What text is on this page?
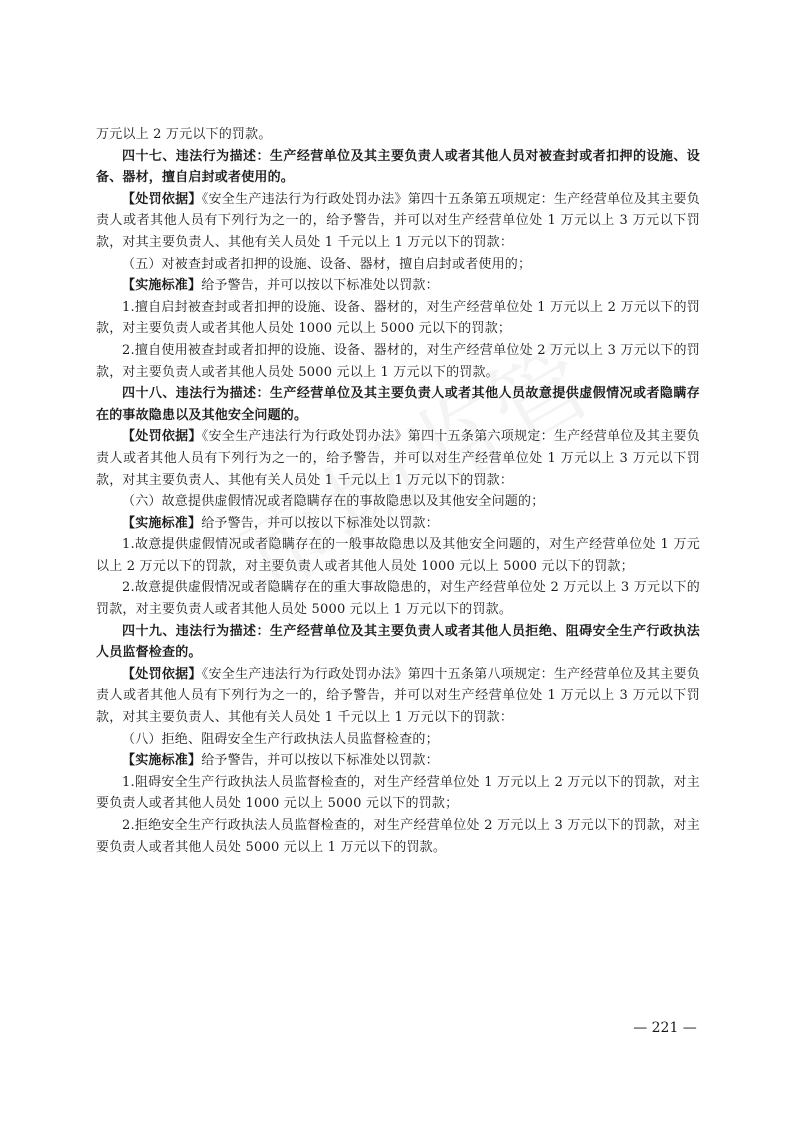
万元以上 2 万元以下的罚款。

四十七、违法行为描述：生产经营单位及其主要负责人或者其他人员对被查封或者扣押的设施、设备、器材，擅自启封或者使用的。

【处罚依据】《安全生产违法行为行政处罚办法》第四十五条第五项规定：生产经营单位及其主要负责人或者其他人员有下列行为之一的，给予警告，并可以对生产经营单位处 1 万元以上 3 万元以下罚款，对其主要负责人、其他有关人员处 1 千元以上 1 万元以下的罚款：

（五）对被查封或者扣押的设施、设备、器材，擅自启封或者使用的；

【实施标准】给予警告，并可以按以下标准处以罚款：

1.擅自启封被查封或者扣押的设施、设备、器材的，对生产经营单位处 1 万元以上 2 万元以下的罚款，对主要负责人或者其他人员处 1000 元以上 5000 元以下的罚款；

2.擅自使用被查封或者扣押的设施、设备、器材的，对生产经营单位处 2 万元以上 3 万元以下的罚款，对主要负责人或者其他人员处 5000 元以上 1 万元以下的罚款。

四十八、违法行为描述：生产经营单位及其主要负责人或者其他人员故意提供虚假情况或者隐瞒存在的事故隐患以及其他安全问题的。

【处罚依据】《安全生产违法行为行政处罚办法》第四十五条第六项规定：生产经营单位及其主要负责人或者其他人员有下列行为之一的，给予警告，并可以对生产经营单位处 1 万元以上 3 万元以下罚款，对其主要负责人、其他有关人员处 1 千元以上 1 万元以下的罚款：

（六）故意提供虚假情况或者隐瞒存在的事故隐患以及其他安全问题的；

【实施标准】给予警告，并可以按以下标准处以罚款：

1.故意提供虚假情况或者隐瞒存在的一般事故隐患以及其他安全问题的，对生产经营单位处 1 万元以上 2 万元以下的罚款，对主要负责人或者其他人员处 1000 元以上 5000 元以下的罚款；

2.故意提供虚假情况或者隐瞒存在的重大事故隐患的，对生产经营单位处 2 万元以上 3 万元以下的罚款，对主要负责人或者其他人员处 5000 元以上 1 万元以下的罚款。

四十九、违法行为描述：生产经营单位及其主要负责人或者其他人员拒绝、阻碍安全生产行政执法人员监督检查的。

【处罚依据】《安全生产违法行为行政处罚办法》第四十五条第八项规定：生产经营单位及其主要负责人或者其他人员有下列行为之一的，给予警告，并可以对生产经营单位处 1 万元以上 3 万元以下罚款，对其主要负责人、其他有关人员处 1 千元以上 1 万元以下的罚款：

（八）拒绝、阻碍安全生产行政执法人员监督检查的；

【实施标准】给予警告，并可以按以下标准处以罚款：

1.阻碍安全生产行政执法人员监督检查的，对生产经营单位处 1 万元以上 2 万元以下的罚款，对主要负责人或者其他人员处 1000 元以上 5000 元以下的罚款；

2.拒绝安全生产行政执法人员监督检查的，对生产经营单位处 2 万元以上 3 万元以下的罚款，对主要负责人或者其他人员处 5000 元以上 1 万元以下的罚款。

— 221 —
